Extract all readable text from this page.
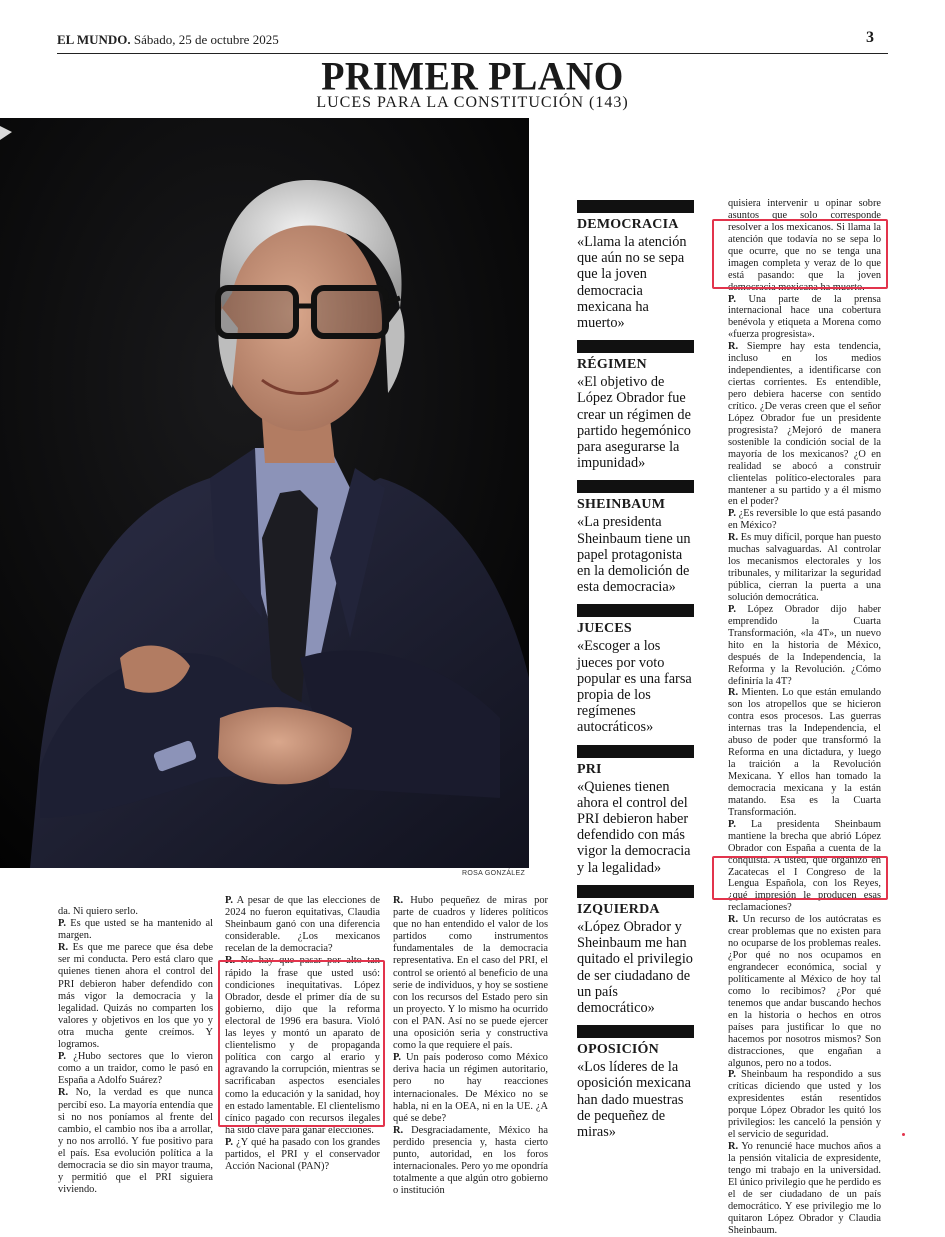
EL MUNDO. Sábado, 25 de octubre 2025	3
PRIMER PLANO
LUCES PARA LA CONSTITUCIÓN (143)
ROSA GONZÁLEZ
DEMOCRACIA
«Llama la atención que aún no se sepa que la joven democracia mexicana ha muerto»
RÉGIMEN
«El objetivo de López Obrador fue crear un régimen de partido hegemónico para asegurarse la impunidad»
SHEINBAUM
«La presidenta Sheinbaum tiene un papel protagonista en la demolición de esta democracia»
JUECES
«Escoger a los jueces por voto popular es una farsa propia de los regímenes autocráticos»
PRI
«Quienes tienen ahora el control del PRI debieron haber defendido con más vigor la democracia y la legalidad»
IZQUIERDA
«López Obrador y Sheinbaum me han quitado el privilegio de ser ciudadano de un país democrático»
OPOSICIÓN
«Los líderes de la oposición mexicana han dado muestras de pequeñez de miras»

da. Ni quiero serlo.

P. Es que usted se ha mantenido al margen.

R. Es que me parece que ésa debe ser mi conducta. Pero está claro que quienes tienen ahora el control del PRI debieron haber defendido con más vigor la democracia y la legalidad. Quizás no comparten los valores y objetivos en los que yo y otra mucha gente creímos. Y logramos.

P. ¿Hubo sectores que lo vieron como a un traidor, como le pasó en España a Adolfo Suárez?

R. No, la verdad es que nunca percibí eso. La mayoría entendía que si no nos poníamos al frente del cambio, el cambio nos iba a arrollar, y no nos arrolló. Y fue positivo para el país. Esa evolución política a la democracia se dio sin mayor trauma, y permitió que el PRI siguiera viviendo.

P. A pesar de que las elecciones de 2024 no fueron equitativas, Claudia Sheinbaum ganó con una diferencia considerable. ¿Los mexicanos recelan de la democracia?

R. No hay que pasar por alto tan rápido la frase que usted usó: condiciones inequitativas. López Obrador, desde el primer día de su gobierno, dijo que la reforma electoral de 1996 era basura. Violó las leyes y montó un aparato de clientelismo y de propaganda política con cargo al erario y agravando la corrupción, mientras se sacrificaban aspectos esenciales como la educación y la sanidad, hoy en estado lamentable. El clientelismo cínico pagado con recursos ilegales ha sido clave para ganar elecciones.

P. ¿Y qué ha pasado con los grandes partidos, el PRI y el conservador Acción Nacional (PAN)?

R. Hubo pequeñez de miras por parte de cuadros y líderes políticos que no han entendido el valor de los partidos como instrumentos fundamentales de la democracia representativa. En el caso del PRI, el control se orientó al beneficio de una serie de individuos, y hoy se sostiene con los recursos del Estado pero sin un proyecto. Y lo mismo ha ocurrido con el PAN. Así no se puede ejercer una oposición seria y constructiva como la que requiere el país.

P. Un país poderoso como México deriva hacia un régimen autoritario, pero no hay reacciones internacionales. De México no se habla, ni en la OEA, ni en la UE. ¿A qué se debe?

R. Desgraciadamente, México ha perdido presencia y, hasta cierto punto, autoridad, en los foros internacionales. Pero yo me opondría totalmente a que algún otro gobierno o institución

quisiera intervenir u opinar sobre asuntos que solo corresponde resolver a los mexicanos. Si llama la atención que todavía no se sepa lo que ocurre, que no se tenga una imagen completa y veraz de lo que está pasando: que la joven democracia mexicana ha muerto.

P. Una parte de la prensa internacional hace una cobertura benévola y etiqueta a Morena como «fuerza progresista».

R. Siempre hay esta tendencia, incluso en los medios independientes, a identificarse con ciertas corrientes. Es entendible, pero debiera hacerse con sentido crítico. ¿De veras creen que el señor López Obrador fue un presidente progresista? ¿Mejoró de manera sostenible la condición social de la mayoría de los mexicanos? ¿O en realidad se abocó a construir clientelas político-electorales para mantener a su partido y a él mismo en el poder?

P. ¿Es reversible lo que está pasando en México?

R. Es muy difícil, porque han puesto muchas salvaguardas. Al controlar los mecanismos electorales y los tribunales, y militarizar la seguridad pública, cierran la puerta a una solución democrática.

P. López Obrador dijo haber emprendido la Cuarta Transformación, «la 4T», un nuevo hito en la historia de México, después de la Independencia, la Reforma y la Revolución. ¿Cómo definiría la 4T?

R. Mienten. Lo que están emulando son los atropellos que se hicieron contra esos procesos. Las guerras internas tras la Independencia, el abuso de poder que transformó la Reforma en una dictadura, y luego la traición a la Revolución Mexicana. Y ellos han tomado la democracia mexicana y la están matando. Esa es la Cuarta Transformación.

P. La presidenta Sheinbaum mantiene la brecha que abrió López Obrador con España a cuenta de la conquista. A usted, que organizó en Zacatecas el I Congreso de la Lengua Española, con los Reyes, ¿qué impresión le producen esas reclamaciones?

R. Un recurso de los autócratas es crear problemas que no existen para no ocuparse de los problemas reales. ¿Por qué no nos ocupamos en engrandecer económica, social y políticamente al México de hoy tal como lo recibimos? ¿Por qué tenemos que andar buscando hechos en la historia o hechos en otros países para justificar lo que no hacemos por nosotros mismos? Son distracciones, que engañan a algunos, pero no a todos.

P. Sheinbaum ha respondido a sus críticas diciendo que usted y los expresidentes están resentidos porque López Obrador les quitó los privilegios: les canceló la pensión y el servicio de seguridad.

R. Yo renuncié hace muchos años a la pensión vitalicia de expresidente, tengo mi trabajo en la universidad. El único privilegio que he perdido es el de ser ciudadano de un país democrático. Y ese privilegio me lo quitaron López Obrador y Claudia Sheinbaum.
